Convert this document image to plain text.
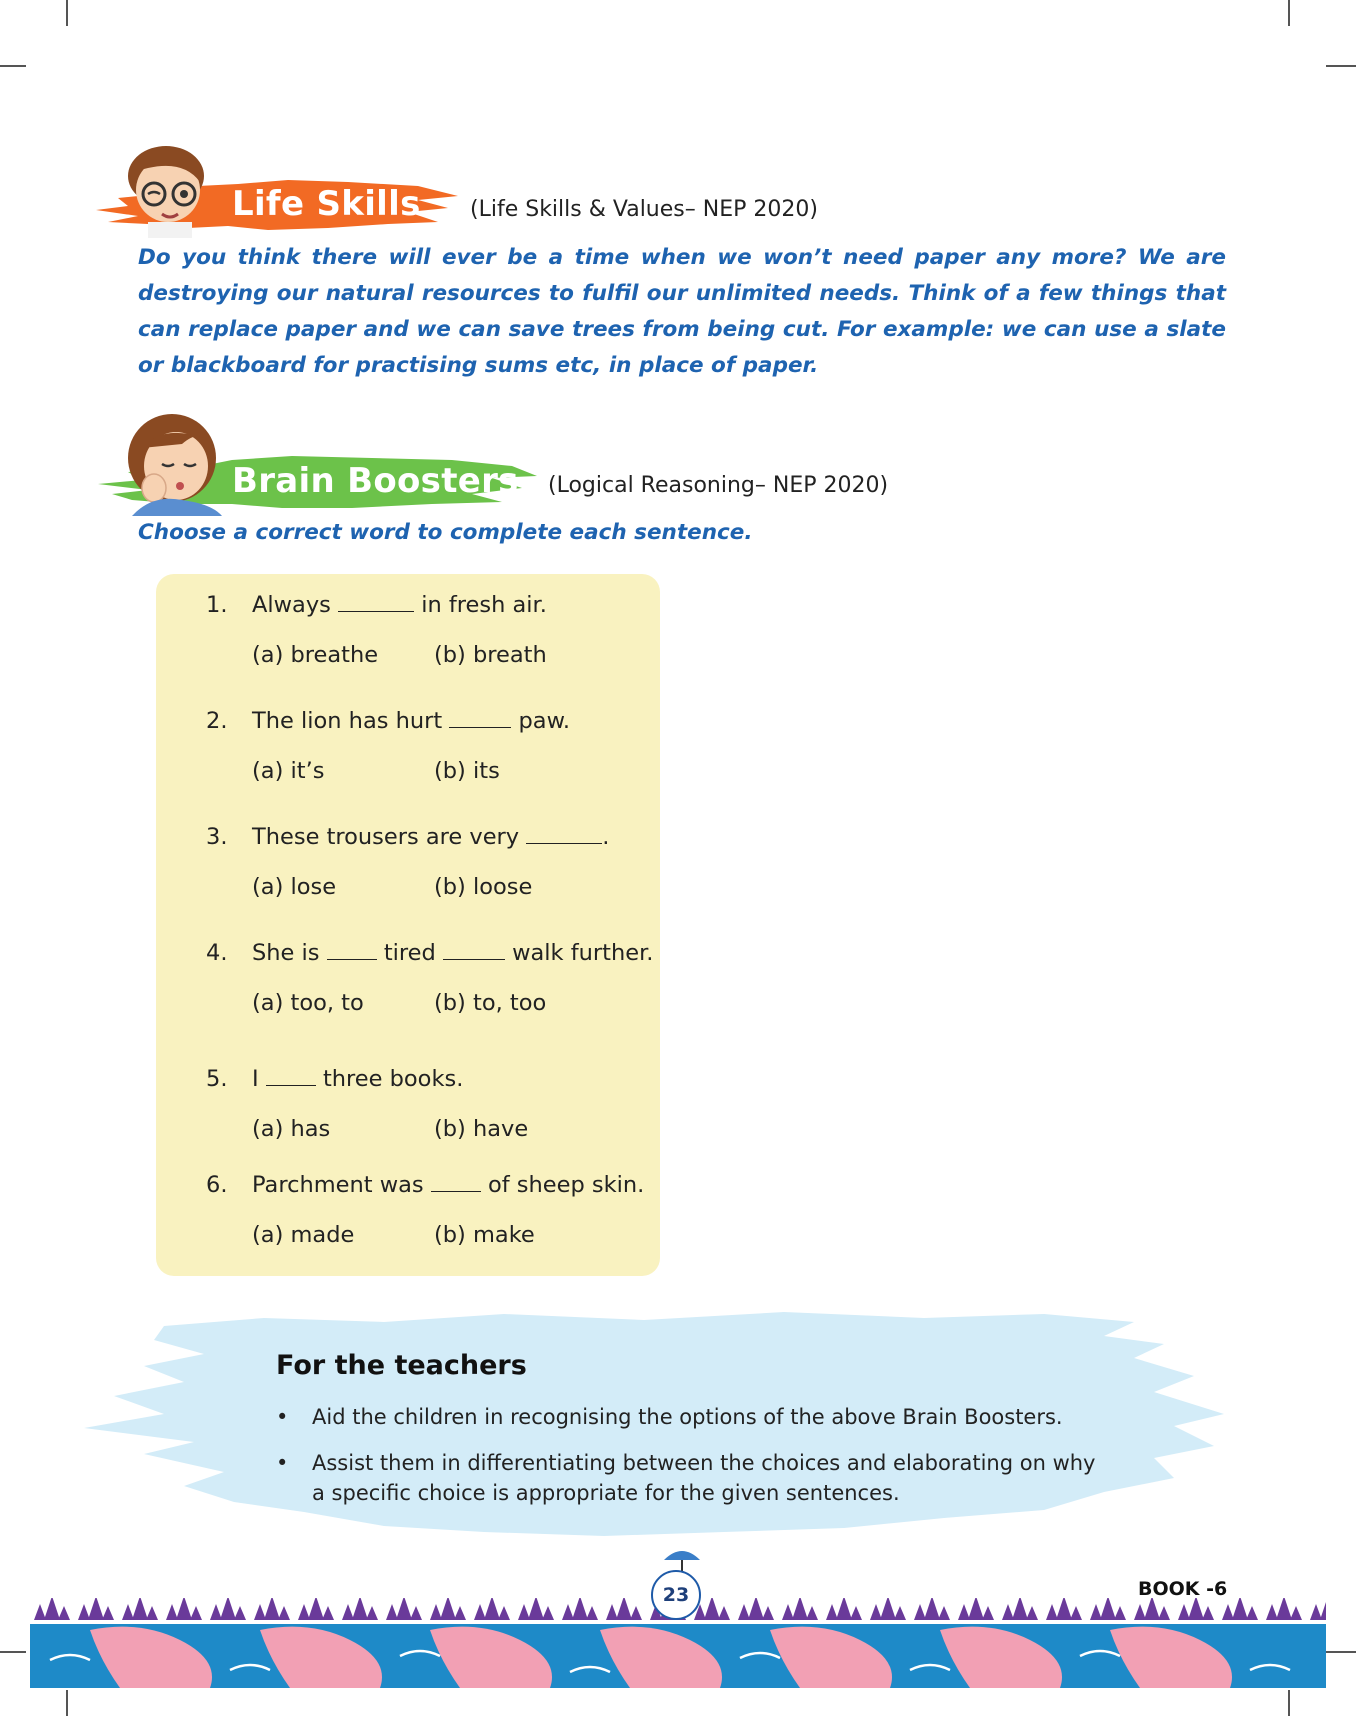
Life Skills (Life Skills & Values– NEP 2020)
Do you think there will ever be a time when we won’t need paper any more? We are destroying our natural resources to fulfil our unlimited needs. Think of a few things that can replace paper and we can save trees from being cut. For example: we can use a slate or blackboard for practising sums etc, in place of paper.
Brain Boosters (Logical Reasoning– NEP 2020)
Choose a correct word to complete each sentence.
1. Always	in fresh air.
(a) breathe (b) breath
2. The lion has hurt	paw.
(a) it’s	(b) its
3. These trousers are very	.
(a) lose	(b) loose
4. She is	tired	walk further.
(a) too, to	(b) to, too
5. I	three books.
(a) has	(b) have
6. Parchment was	of sheep skin.
(a) made	(b) make
For the teachers
• Aid the children in recognising the options of the above Brain Boosters.
• Assist them in differentiating between the choices and elaborating on why a specific choice is appropriate for the given sentences.
23	BOOK -6
